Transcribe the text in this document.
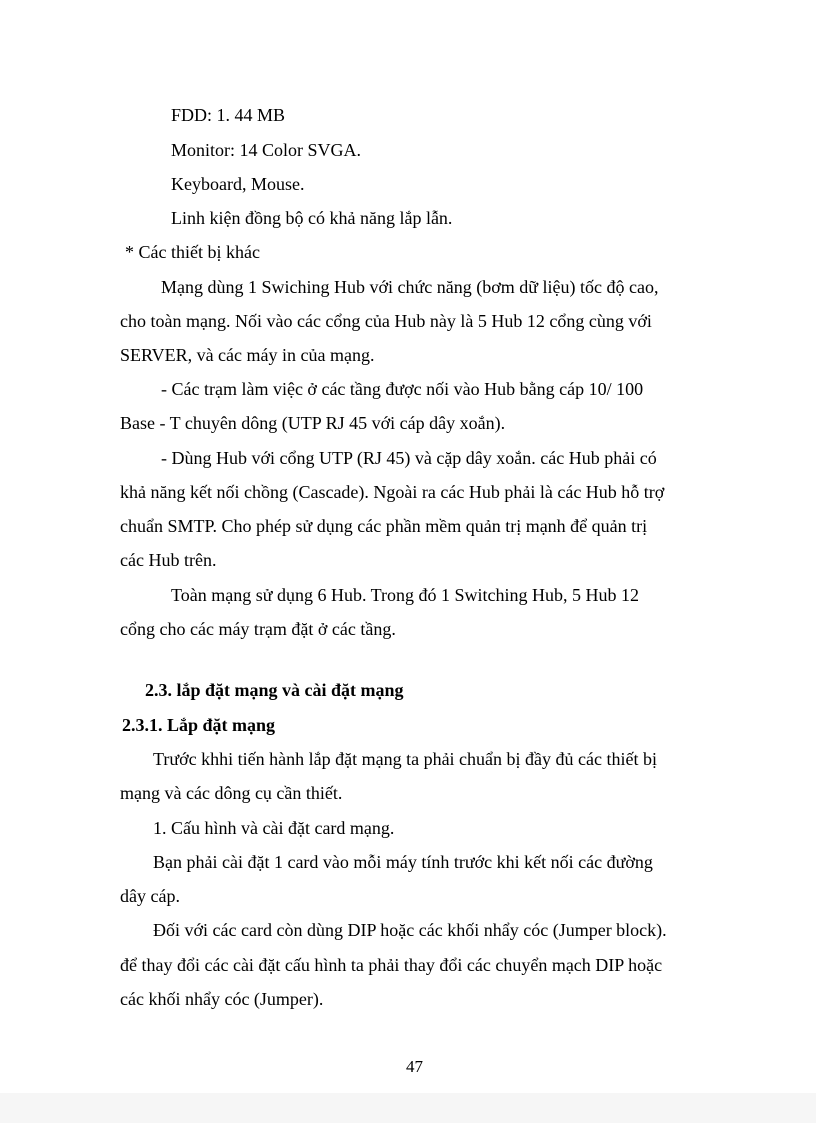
FDD: 1. 44 MB
Monitor: 14 Color SVGA.
Keyboard, Mouse.
Linh kiện đồng bộ có khả năng lắp lẫn.
* Các thiết bị khác
Mạng dùng 1 Swiching Hub với chức năng (bơm dữ liệu) tốc độ cao,
cho toàn mạng. Nối vào các cổng của Hub này là 5 Hub 12 cổng cùng với
SERVER, và các máy in của mạng.
- Các trạm làm việc ở các tầng được nối vào Hub bằng cáp 10/ 100
Base - T chuyên dông (UTP RJ 45 với cáp dây xoắn).
- Dùng Hub với cổng UTP (RJ 45) và cặp dây xoắn. các Hub phải có
khả năng kết nối chồng (Cascade). Ngoài ra các Hub phải là các Hub hỗ trợ
chuẩn SMTP. Cho phép sử dụng các phần mềm quản trị mạnh để quản trị
các Hub trên.
Toàn mạng sử dụng 6 Hub. Trong đó 1 Switching Hub, 5 Hub 12
cổng cho các máy trạm đặt ở các tầng.
2.3. lắp đặt mạng và cài đặt mạng
2.3.1. Lắp đặt mạng
Trước khhi tiến hành lắp đặt mạng ta phải chuẩn bị đầy đủ các thiết bị
mạng và các dông cụ cần thiết.
1. Cấu hình và cài đặt card mạng.
Bạn phải cài đặt 1 card vào mỗi máy tính trước khi kết nối các đường
dây cáp.
Đối với các card còn dùng DIP hoặc các khối nhẩy cóc (Jumper block).
để thay đổi các cài đặt cấu hình ta phải thay đổi các chuyển mạch DIP hoặc
các khối nhẩy cóc (Jumper).
47
